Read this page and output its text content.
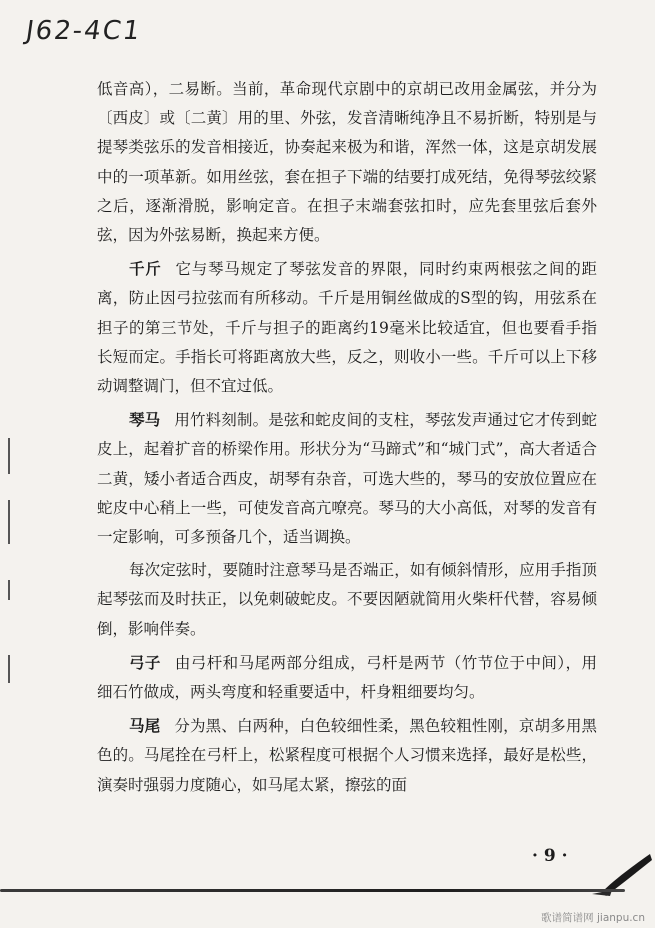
J62-4C1

低音高），二易断。当前，革命现代京剧中的京胡已改用金属弦，并分为〔西皮〕或〔二黄〕用的里、外弦，发音清晰纯净且不易折断，特别是与提琴类弦乐的发音相接近，协奏起来极为和谐，浑然一体，这是京胡发展中的一项革新。如用丝弦，套在担子下端的结要打成死结，免得琴弦绞紧之后，逐渐滑脱，影响定音。在担子末端套弦扣时，应先套里弦后套外弦，因为外弦易断，换起来方便。

千斤 它与琴马规定了琴弦发音的界限，同时约束两根弦之间的距离，防止因弓拉弦而有所移动。千斤是用铜丝做成的S型的钩，用弦系在担子的第三节处，千斤与担子的距离约19毫米比较适宜，但也要看手指长短而定。手指长可将距离放大些，反之，则收小一些。千斤可以上下移动调整调门，但不宜过低。

琴马 用竹料刻制。是弦和蛇皮间的支柱，琴弦发声通过它才传到蛇皮上，起着扩音的桥梁作用。形状分为“马蹄式”和“城门式”，高大者适合二黄，矮小者适合西皮，胡琴有杂音，可选大些的，琴马的安放位置应在蛇皮中心稍上一些，可使发音高亢嘹亮。琴马的大小高低，对琴的发音有一定影响，可多预备几个，适当调换。

每次定弦时，要随时注意琴马是否端正，如有倾斜情形，应用手指顶起琴弦而及时扶正，以免刺破蛇皮。不要因陋就简用火柴杆代替，容易倾倒，影响伴奏。

弓子 由弓杆和马尾两部分组成，弓杆是两节（竹节位于中间），用细石竹做成，两头弯度和轻重要适中，杆身粗细要均匀。

马尾 分为黑、白两种，白色较细性柔，黑色较粗性刚，京胡多用黑色的。马尾拴在弓杆上，松紧程度可根据个人习惯来选择，最好是松些，演奏时强弱力度随心，如马尾太紧，擦弦的面

· 9 ·
歌谱简谱网 jianpu.cn
